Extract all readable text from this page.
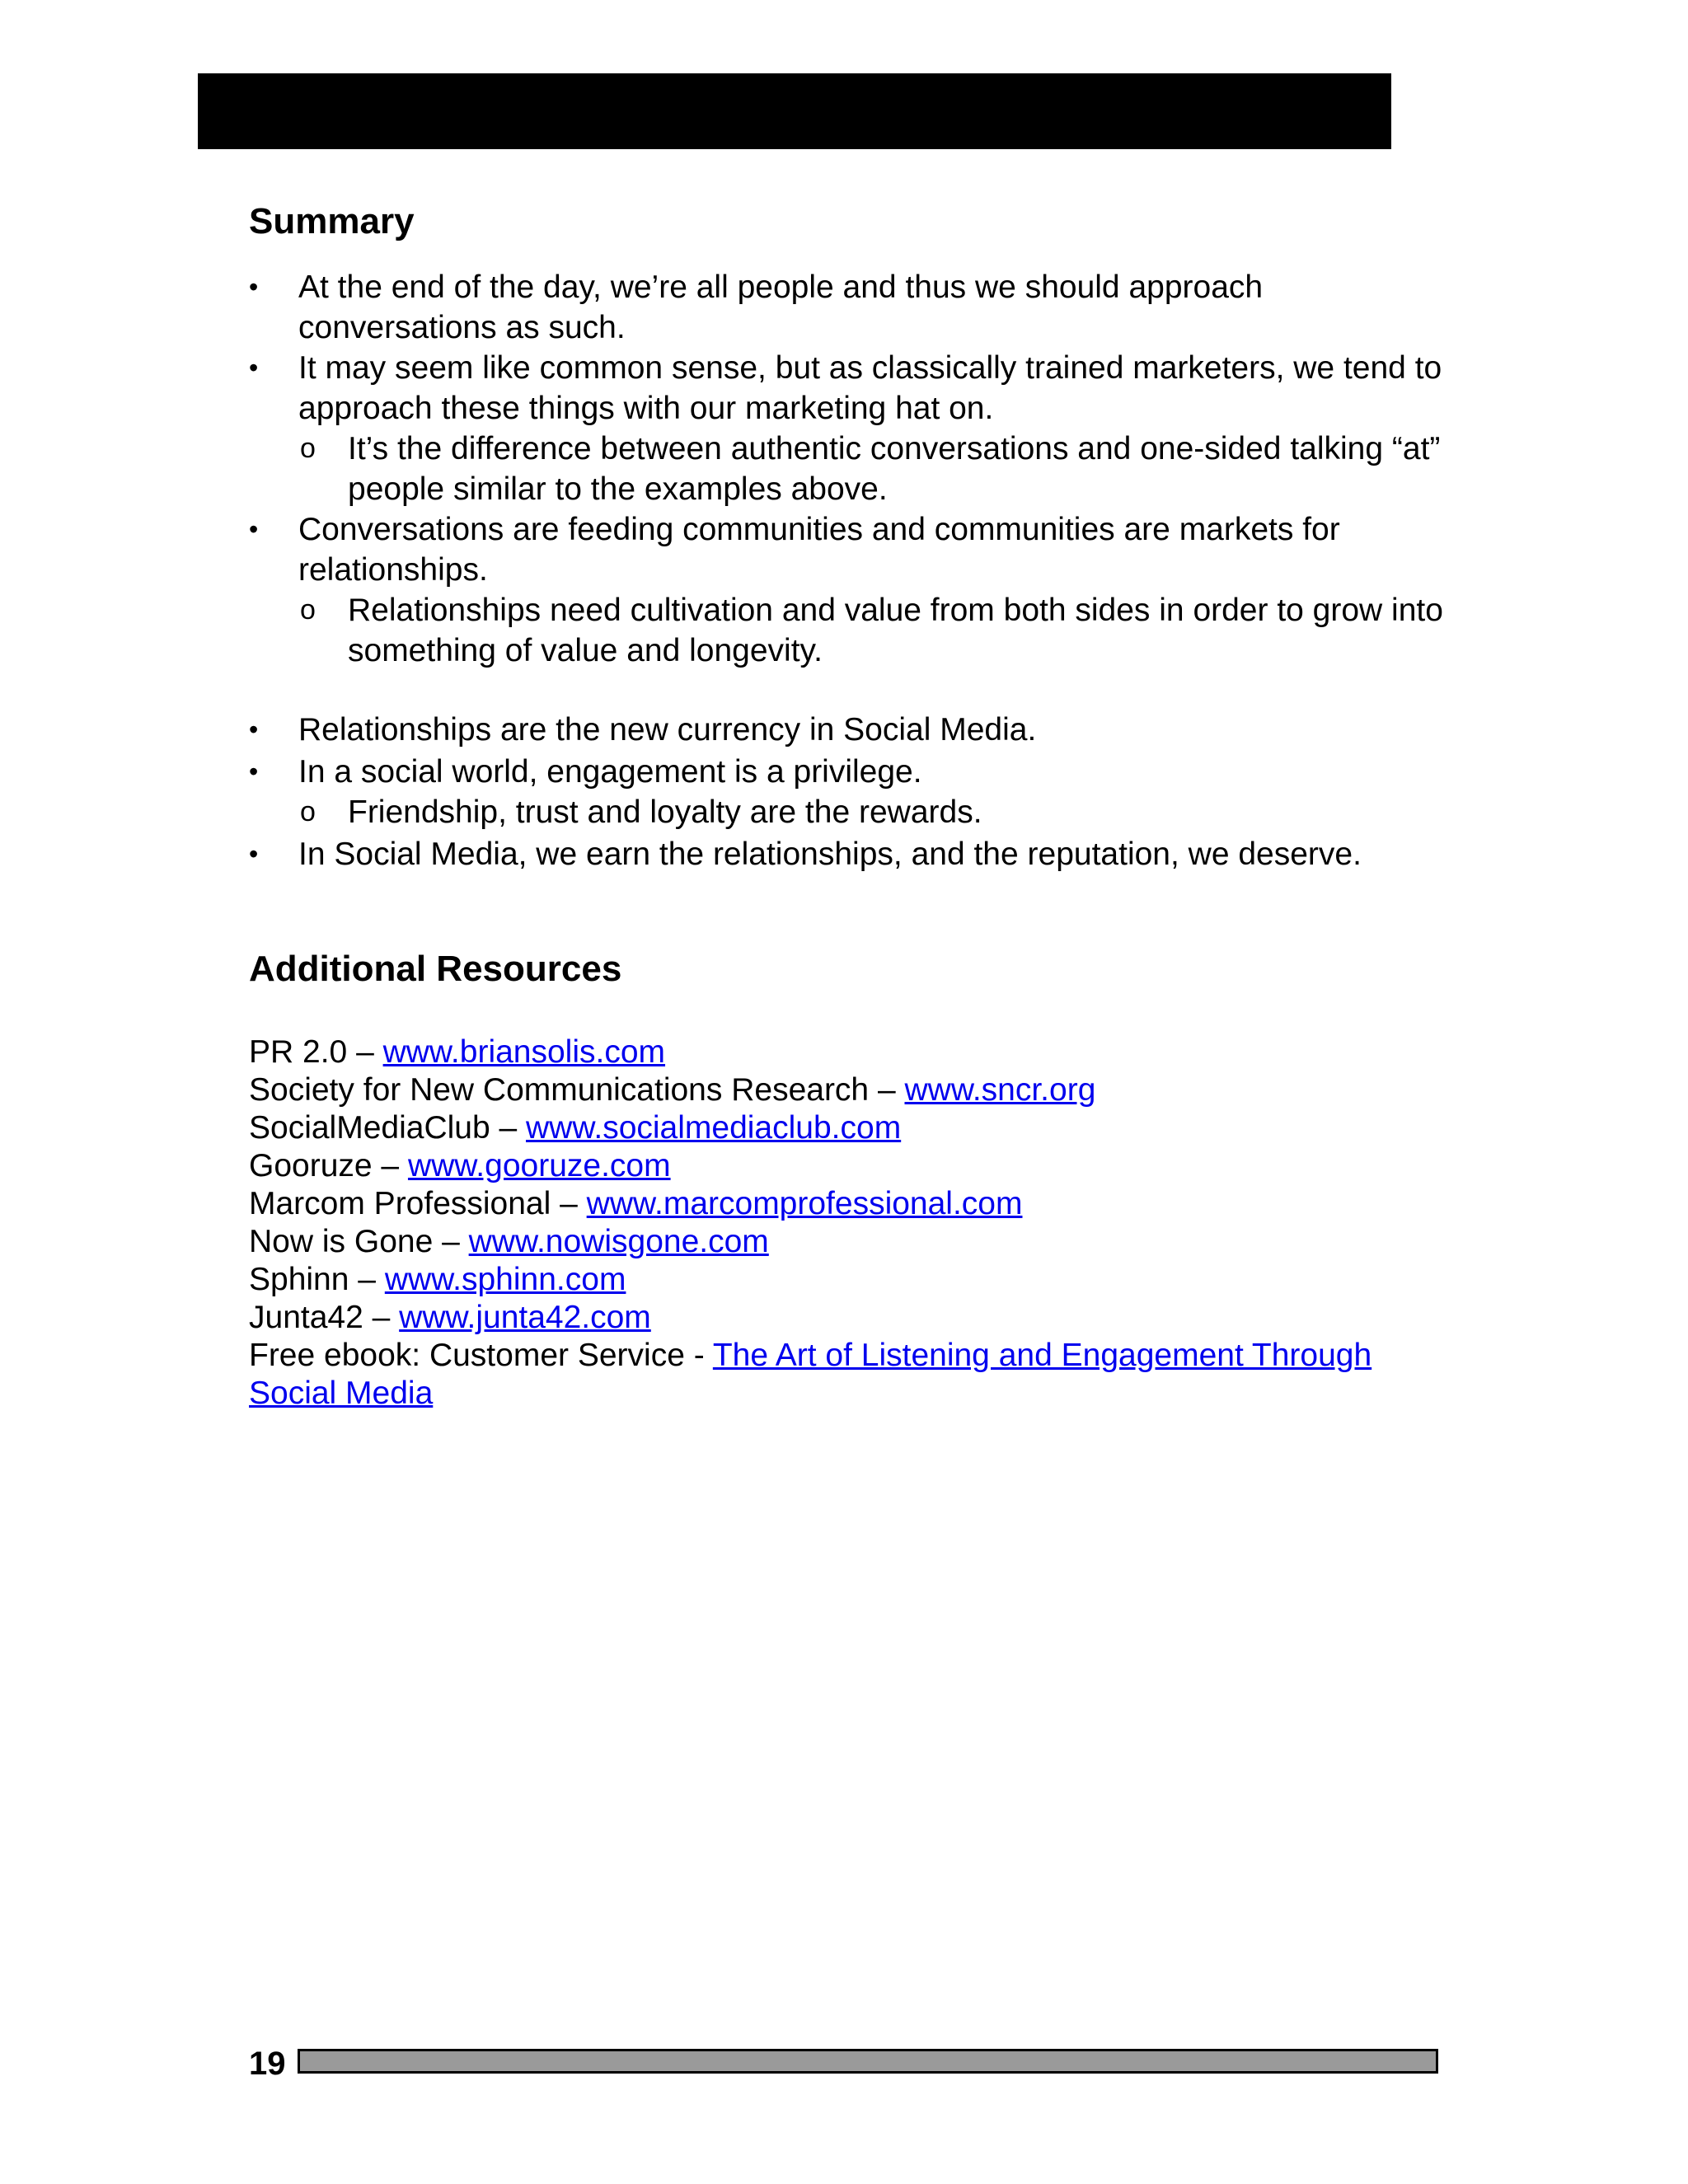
Summary
•	At the end of the day, we’re all people and thus we should approach conversations as such.
•	It may seem like common sense, but as classically trained marketers, we tend to approach these things with our marketing hat on.
o	It’s the difference between authentic conversations and one-sided talking “at” people similar to the examples above.
•	Conversations are feeding communities and communities are markets for relationships.
o	Relationships need cultivation and value from both sides in order to grow into something of value and longevity.
•	Relationships are the new currency in Social Media.
•	In a social world, engagement is a privilege.
o	Friendship, trust and loyalty are the rewards.
•	In Social Media, we earn the relationships, and the reputation, we deserve.
Additional Resources
PR 2.0 – www.briansolis.com
Society for New Communications Research – www.sncr.org
SocialMediaClub – www.socialmediaclub.com
Gooruze – www.gooruze.com
Marcom Professional – www.marcomprofessional.com
Now is Gone – www.nowisgone.com
Sphinn – www.sphinn.com
Junta42 – www.junta42.com
Free ebook: Customer Service - The Art of Listening and Engagement Through Social Media
19
